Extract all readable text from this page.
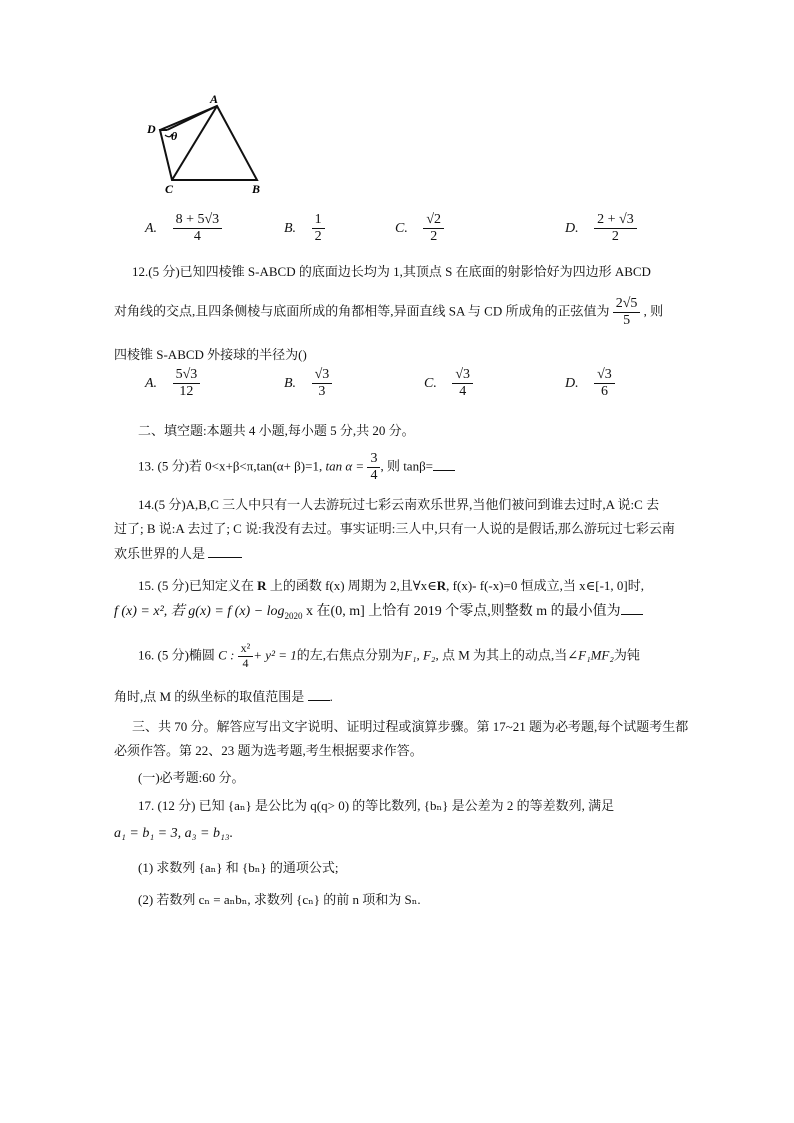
A
B
C
D θ
A. $\frac{8 + 5√3}{4}$	B. $\frac{1}{2}$	C. $\frac{√2}{2}$	D. $\frac{2 + √3}{2}$
12.(5 分)已知四棱锥 S-ABCD 的底面边长均为 1,其顶点 S 在底面的射影恰好为四边形 ABCD
对角线的交点,且四条侧棱与底面所成的角都相等,异面直线 SA 与 CD 所成角的正弦值为 $\frac{2√5}{5}$ , 则
四棱锥 S-ABCD 外接球的半径为()
A. $\frac{5√3}{12}$	B. $\frac{√3}{3}$	C. $\frac{√3}{4}$	D. $\frac{√3}{6}$
二、填空题:本题共 4 小题,每小题 5 分,共 20 分。
13. (5 分)若 0<x+β<π,tan(α+ β)=1, $\tan \alpha = \frac{3}{4}$ , 则 tanβ=
14.(5 分)A,B,C 三人中只有一人去游玩过七彩云南欢乐世界,当他们被问到谁去过时,A 说:C 去
过了; B 说:A 去过了; C 说:我没有去过。事实证明:三人中,只有一人说的是假话,那么游玩过七彩云南
欢乐世界的人是
15. (5 分)已知定义在 R 上的函数 f(x) 周期为 2,且∀x∈R, f(x)- f(-x)=0 恒成立,当 x∈[-1, 0]时,
f (x) = x², 若 g(x) = f $(x) - \log_{2020} x$ 在(0, m] 上恰有 2019 个零点,则整数 m 的最小值为
16. (5 分)椭圆 C : $\frac{\text{x²}}{4} + y^2 = 1$的左,右焦点分别为F₁, F₂, 点 M 为其上的动点,当∠F₁MF₂为钝
角时,点 M 的纵坐标的取值范围是 .
三、共 70 分。解答应写出文字说明、证明过程或演算步骤。第 17~21 题为必考题,每个试题考生都
必须作答。第 22、23 题为选考题,考生根据要求作答。
(一)必考题:60 分。
17. (12 分) 已知 {aₙ} 是公比为 q(q> 0) 的等比数列, {bₙ} 是公差为 2 的等差数列, 满足
a₁ = b₁ = 3, a₃ = b₁₃.
(1) 求数列 {aₙ} 和 {bₙ} 的通项公式;
(2) 若数列 cₙ = aₙbₙ, 求数列 {cₙ} 的前 n 项和为 Sₙ.
